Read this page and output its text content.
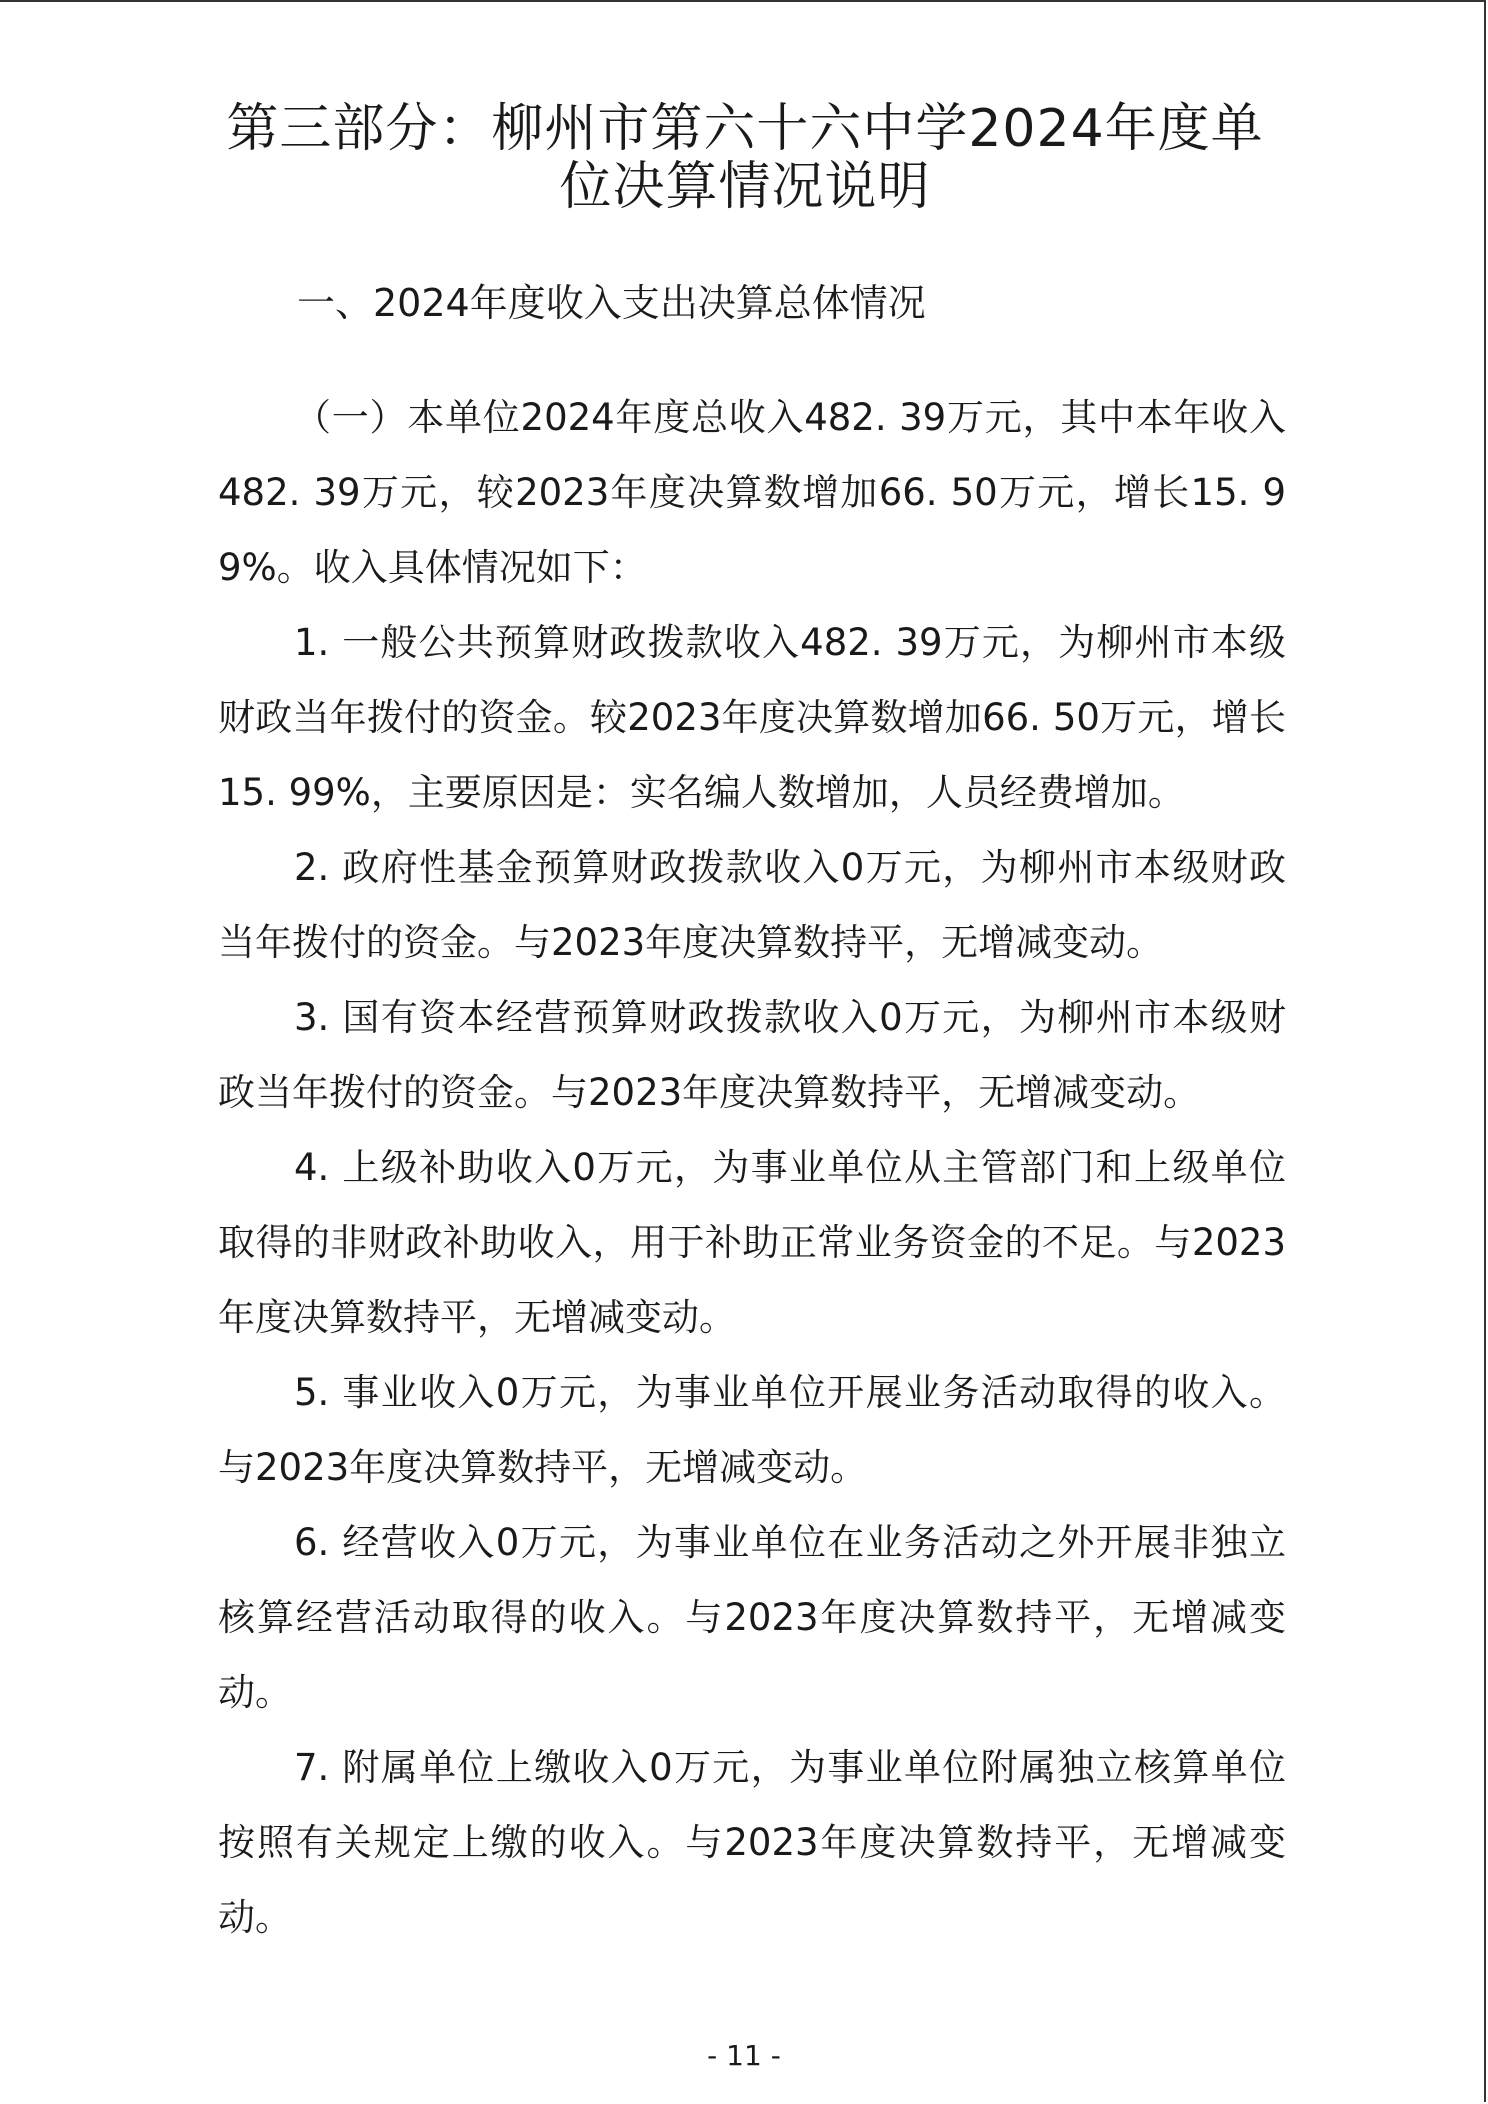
第三部分：柳州市第六十六中学2024年度单位决算情况说明
一、2024年度收入支出决算总体情况

（一）本单位2024年度总收入482. 39万元，其中本年收入482. 39万元，较2023年度决算数增加66. 50万元，增长15. 99%。收入具体情况如下：

1. 一般公共预算财政拨款收入482. 39万元，为柳州市本级财政当年拨付的资金。较2023年度决算数增加66. 50万元，增长15. 99%，主要原因是：实名编人数增加，人员经费增加。

2. 政府性基金预算财政拨款收入0万元，为柳州市本级财政当年拨付的资金。与2023年度决算数持平，无增减变动。

3. 国有资本经营预算财政拨款收入0万元，为柳州市本级财政当年拨付的资金。与2023年度决算数持平，无增减变动。

4. 上级补助收入0万元，为事业单位从主管部门和上级单位取得的非财政补助收入，用于补助正常业务资金的不足。与2023年度决算数持平，无增减变动。

5. 事业收入0万元，为事业单位开展业务活动取得的收入。与2023年度决算数持平，无增减变动。

6. 经营收入0万元，为事业单位在业务活动之外开展非独立核算经营活动取得的收入。与2023年度决算数持平，无增减变动。

7. 附属单位上缴收入0万元，为事业单位附属独立核算单位按照有关规定上缴的收入。与2023年度决算数持平，无增减变动。

- 11 -
